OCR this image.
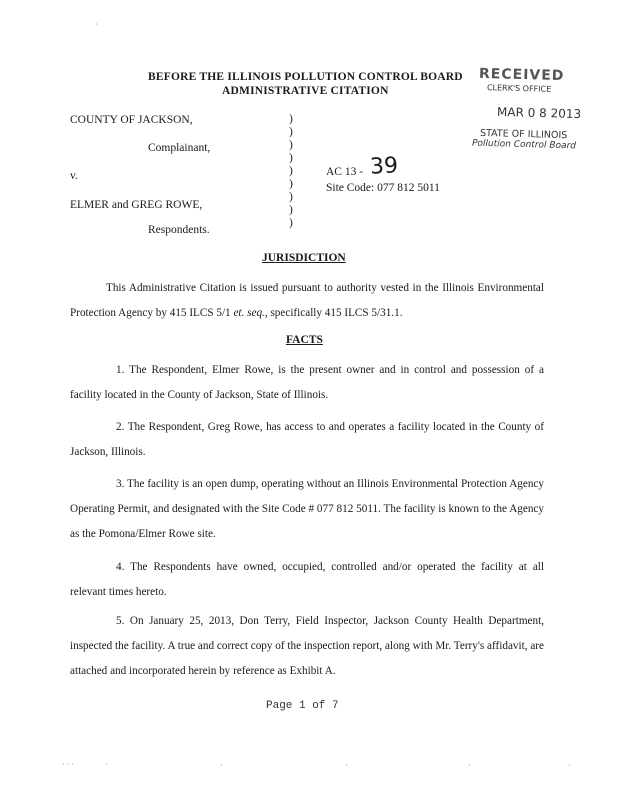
BEFORE THE ILLINOIS POLLUTION CONTROL BOARD
ADMINISTRATIVE CITATION
RECEIVED
CLERK'S OFFICE
MAR 0 8 2013
STATE OF ILLINOIS
Pollution Control Board
COUNTY OF JACKSON,
Complainant,
v.
ELMER and GREG ROWE,
Respondents.
)
)
)
)
)
)
)
)
)
AC 13 - 39
Site Code: 077 812 5011
JURISDICTION

This Administrative Citation is issued pursuant to authority vested in the Illinois Environmental Protection Agency by 415 ILCS 5/1 et. seq., specifically 415 ILCS 5/31.1.

FACTS

1. The Respondent, Elmer Rowe, is the present owner and in control and possession of a facility located in the County of Jackson, State of Illinois.

2. The Respondent, Greg Rowe, has access to and operates a facility located in the County of Jackson, Illinois.

3. The facility is an open dump, operating without an Illinois Environmental Protection Agency Operating Permit, and designated with the Site Code # 077 812 5011. The facility is known to the Agency as the Pomona/Elmer Rowe site.

4. The Respondents have owned, occupied, controlled and/or operated the facility at all relevant times hereto.

5. On January 25, 2013, Don Terry, Field Inspector, Jackson County Health Department, inspected the facility. A true and correct copy of the inspection report, along with Mr. Terry's affidavit, are attached and incorporated herein by reference as Exhibit A.

Page 1 of 7
·
· · ·	·	·	·	·	·
